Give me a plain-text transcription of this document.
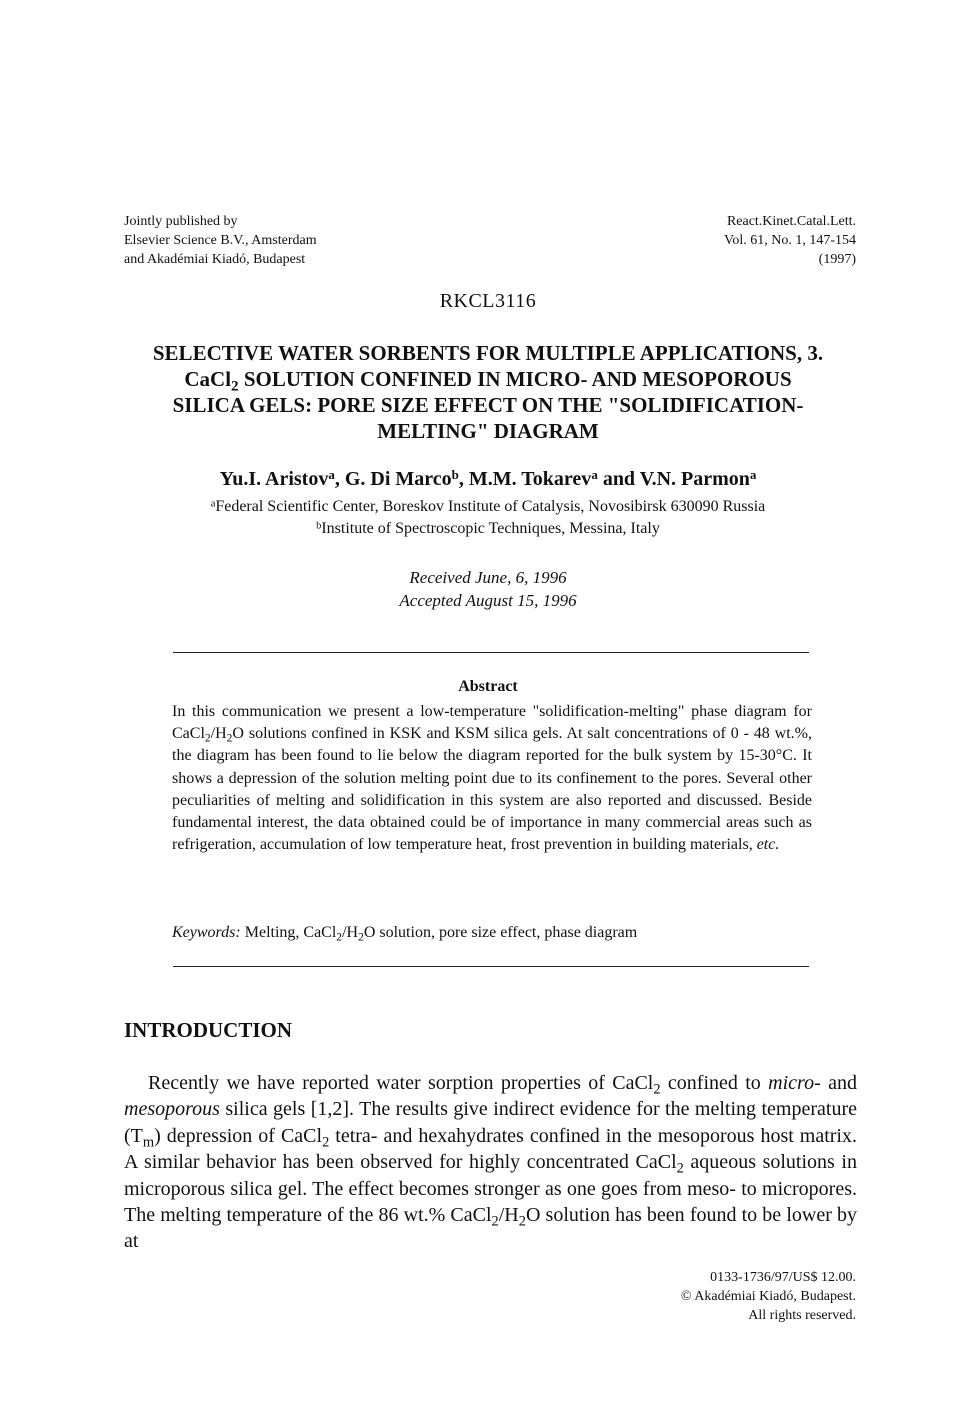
Jointly published by
Elsevier Science B.V., Amsterdam
and Akadémiai Kiadó, Budapest
React.Kinet.Catal.Lett.
Vol. 61, No. 1, 147-154
(1997)
RKCL3116
SELECTIVE WATER SORBENTS FOR MULTIPLE APPLICATIONS, 3.
CaCl$_2$ SOLUTION CONFINED IN MICRO- AND MESOPOROUS
SILICA GELS: PORE SIZE EFFECT ON THE "SOLIDIFICATION-
MELTING" DIAGRAM
Yu.I. Aristov$^a$, G. Di Marco$^b$, M.M. Tokarev$^a$ and V.N. Parmon$^a$
$^a$Federal Scientific Center, Boreskov Institute of Catalysis, Novosibirsk 630090 Russia
$^b$Institute of Spectroscopic Techniques, Messina, Italy
Received June, 6, 1996
Accepted August 15, 1996
Abstract
In this communication we present a low-temperature "solidification-melting" phase diagram for $CaCl_2/H_2O$ solutions confined in KSK and KSM silica gels. At salt concentrations of 0 - 48 wt.%, the diagram has been found to lie below the diagram reported for the bulk system by 15-30°C. It shows a depression of the solution melting point due to its confinement to the pores. Several other peculiarities of melting and solidification in this system are also reported and discussed. Beside fundamental interest, the data obtained could be of importance in many commercial areas such as refrigeration, accumulation of low temperature heat, frost prevention in building materials, etc.
Keywords: Melting, $CaCl_2/H_2O$ solution, pore size effect, phase diagram
INTRODUCTION
Recently we have reported water sorption properties of CaCl$_2$ confined to micro- and mesoporous silica gels [1,2]. The results give indirect evidence for the melting temperature $(T_m)$ depression of CaCl$_2$ tetra- and hexahydrates confined in the mesoporous host matrix. A similar behavior has been observed for highly concentrated CaCl$_2$ aqueous solutions in microporous silica gel. The effect becomes stronger as one goes from meso- to micropores. The melting temperature of the 86 wt.% $CaCl_2/H_2O$ solution has been found to be lower by at
0133-1736/97/US$ 12.00.
© Akadémiai Kiadó, Budapest.
All rights reserved.
